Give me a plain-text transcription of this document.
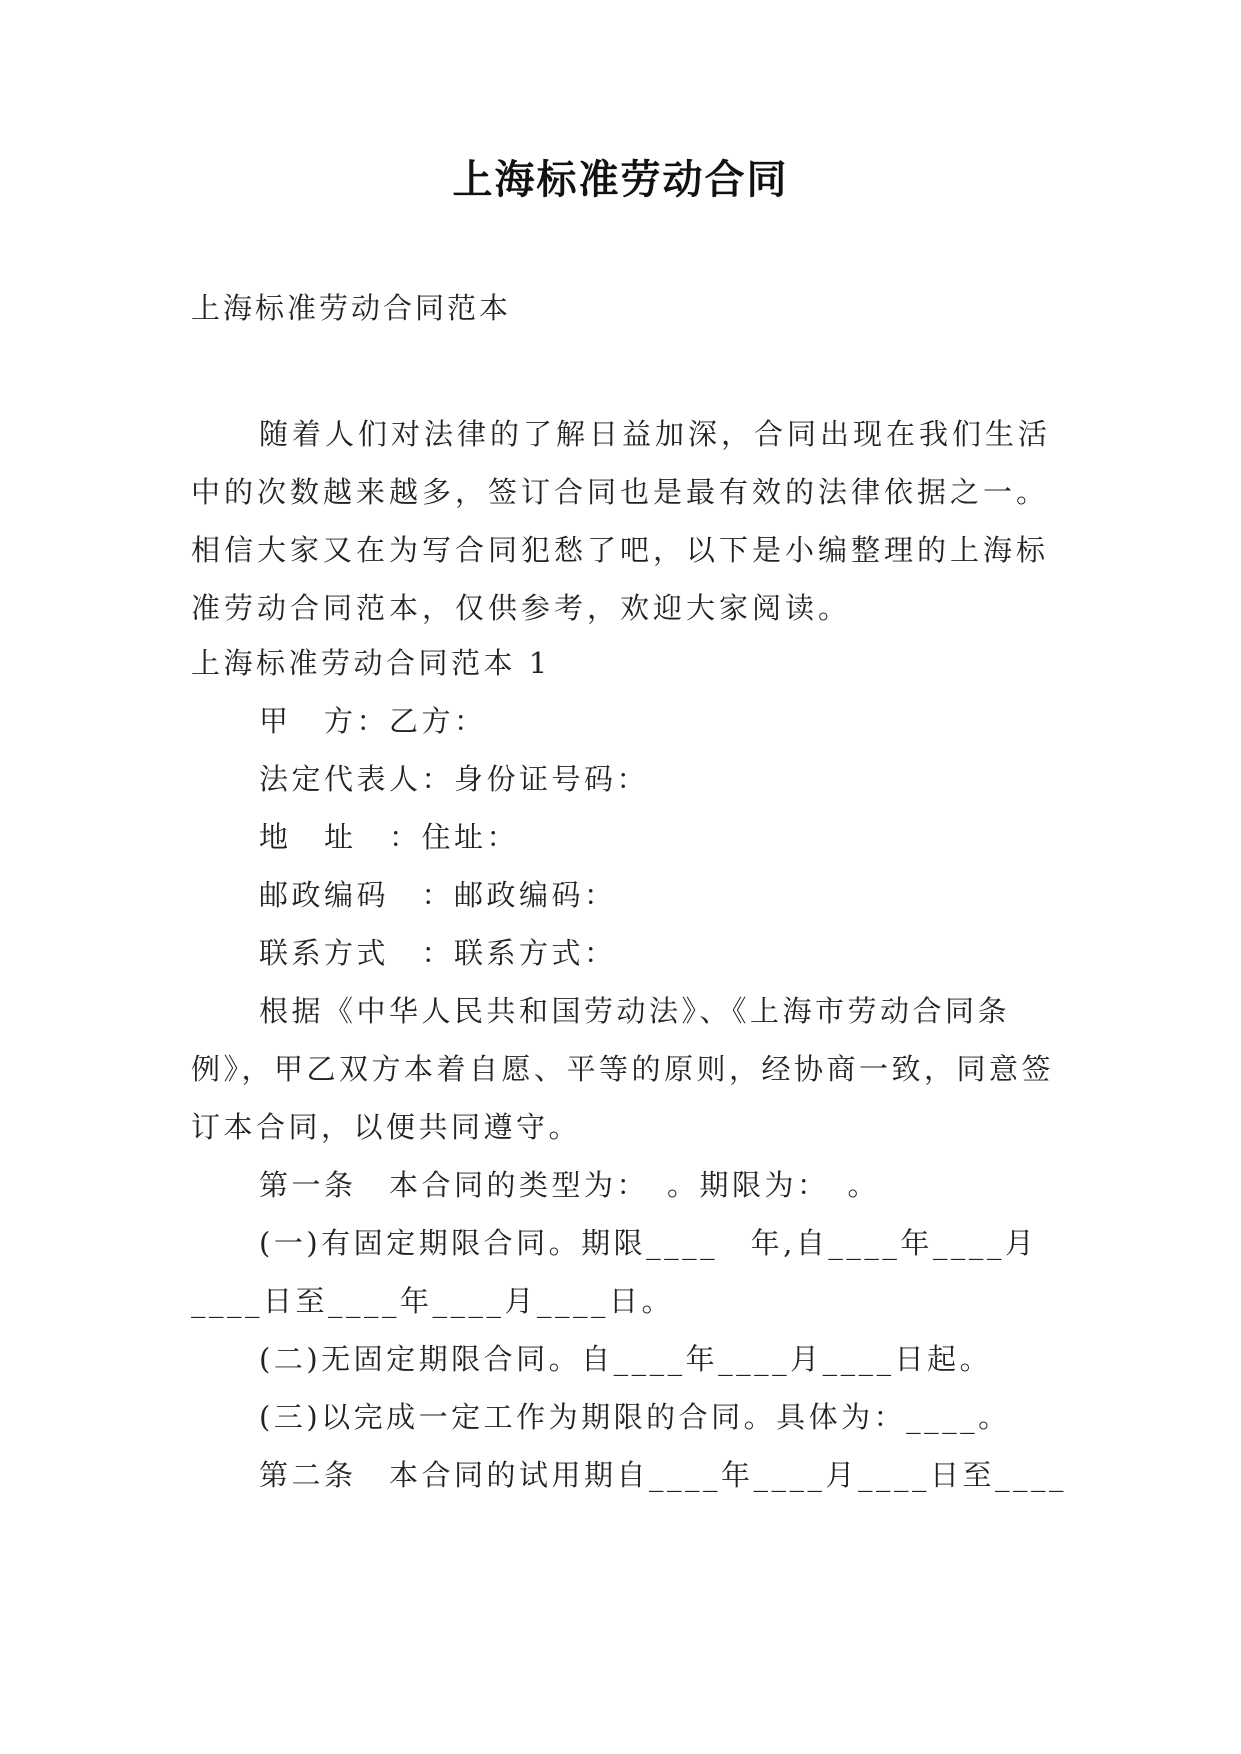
上海标准劳动合同
上海标准劳动合同范本

随着人们对法律的了解日益加深，合同出现在我们生活中的次数越来越多，签订合同也是最有效的法律依据之一。相信大家又在为写合同犯愁了吧，以下是小编整理的上海标准劳动合同范本，仅供参考，欢迎大家阅读。

上海标准劳动合同范本 1
甲　方：乙方：
法定代表人：身份证号码：
地　址　：住址：
邮政编码　：邮政编码：
联系方式　：联系方式：

根据《中华人民共和国劳动法》、《上海市劳动合同条例》，甲乙双方本着自愿、平等的原则，经协商一致，同意签订本合同，以便共同遵守。

第一条　本合同的类型为：　。期限为：　。

(一)有固定期限合同。期限____　年,自____年____月____日至____年____月____日。

(二)无固定期限合同。自____年____月____日起。

(三)以完成一定工作为期限的合同。具体为：____。

第二条　本合同的试用期自____年____月____日至____
